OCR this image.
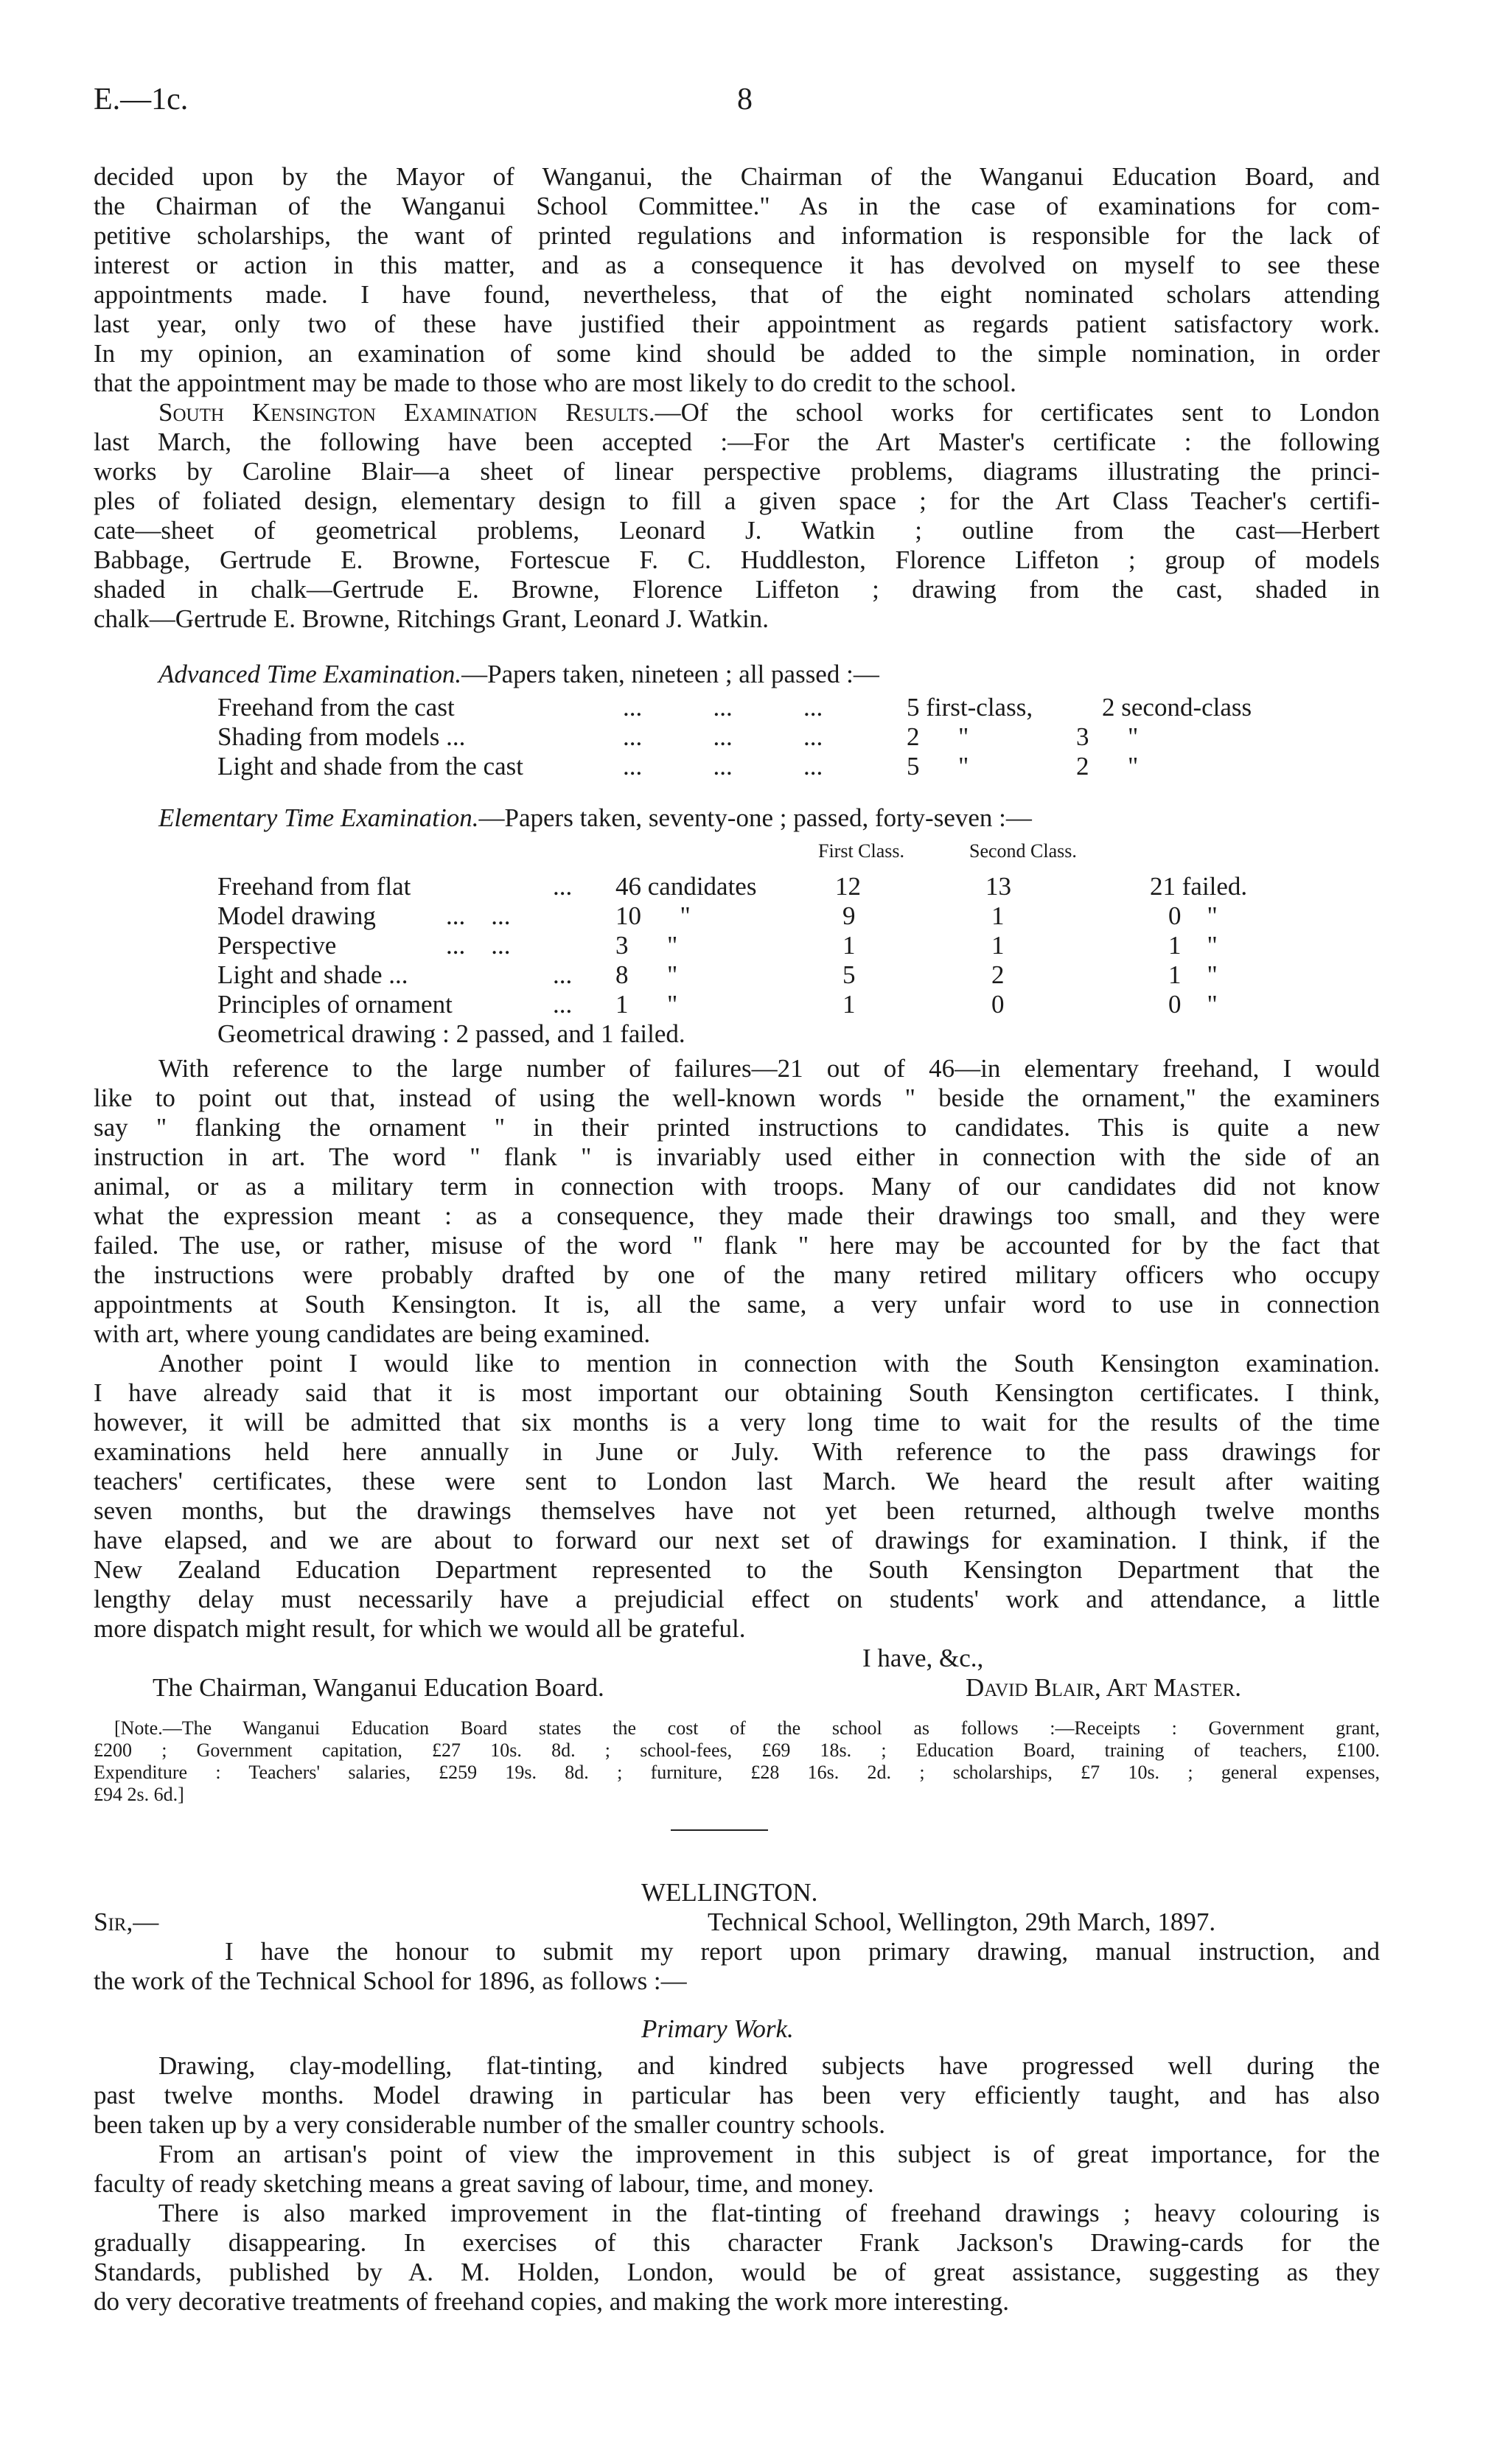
E.—1c.	8
decided upon by the Mayor of Wanganui, the Chairman of the Wanganui Education Board, and
the Chairman of the Wanganui School Committee." As in the case of examinations for com-
petitive scholarships, the want of printed regulations and information is responsible for the lack of
interest or action in this matter, and as a consequence it has devolved on myself to see these
appointments made. I have found, nevertheless, that of the eight nominated scholars attending
last year, only two of these have justified their appointment as regards patient satisfactory work.
In my opinion, an examination of some kind should be added to the simple nomination, in order
that the appointment may be made to those who are most likely to do credit to the school.
South Kensington Examination Results.—Of the school works for certificates sent to London
last March, the following have been accepted :—For the Art Master's certificate : the following
works by Caroline Blair—a sheet of linear perspective problems, diagrams illustrating the princi-
ples of foliated design, elementary design to fill a given space ; for the Art Class Teacher's certifi-
cate—sheet of geometrical problems, Leonard J. Watkin ; outline from the cast—Herbert
Babbage, Gertrude E. Browne, Fortescue F. C. Huddleston, Florence Liffeton ; group of models
shaded in chalk—Gertrude E. Browne, Florence Liffeton ; drawing from the cast, shaded in
chalk—Gertrude E. Browne, Ritchings Grant, Leonard J. Watkin.
Advanced Time Examination.—Papers taken, nineteen ; all passed :—
Freehand from the cast	...           ...           ...	5 first-class,	2 second-class
Shading from models ...	...           ...           ...	2      "	3      "
Light and shade from the cast	...           ...           ...	5      "	2      "
Elementary Time Examination.—Papers taken, seventy-one ; passed, forty-seven :—
First Class.	Second Class.
Freehand from flat	... 46 candidates	12	13	21 failed.
Model drawing	...    ...	10      "	9	1	0    "
Perspective	...    ...	3      "	1	1	1    "
Light and shade ...	... 8      "	5	2	1    "
Principles of ornament	... 1      "	1	0	0    "
Geometrical drawing : 2 passed, and 1 failed.
With reference to the large number of failures—21 out of 46—in elementary freehand, I would
like to point out that, instead of using the well-known words " beside the ornament," the examiners
say " flanking the ornament " in their printed instructions to candidates. This is quite a new
instruction in art. The word " flank " is invariably used either in connection with the side of an
animal, or as a military term in connection with troops. Many of our candidates did not know
what the expression meant : as a consequence, they made their drawings too small, and they were
failed. The use, or rather, misuse of the word " flank " here may be accounted for by the fact that
the instructions were probably drafted by one of the many retired military officers who occupy
appointments at South Kensington. It is, all the same, a very unfair word to use in connection
with art, where young candidates are being examined.
Another point I would like to mention in connection with the South Kensington examination.
I have already said that it is most important our obtaining South Kensington certificates. I think,
however, it will be admitted that six months is a very long time to wait for the results of the time
examinations held here annually in June or July. With reference to the pass drawings for
teachers' certificates, these were sent to London last March. We heard the result after waiting
seven months, but the drawings themselves have not yet been returned, although twelve months
have elapsed, and we are about to forward our next set of drawings for examination. I think, if the
New Zealand Education Department represented to the South Kensington Department that the
lengthy delay must necessarily have a prejudicial effect on students' work and attendance, a little
more dispatch might result, for which we would all be grateful.
I have, &c.,
The Chairman, Wanganui Education Board.	David Blair, Art Master.
[Note.—The Wanganui Education Board states the cost of the school as follows :—Receipts : Government grant,
£200 ; Government capitation, £27 10s. 8d. ; school-fees, £69 18s. ; Education Board, training of teachers, £100.
Expenditure : Teachers' salaries, £259 19s. 8d. ; furniture, £28 16s. 2d. ; scholarships, £7 10s. ; general expenses,
£94 2s. 6d.]
WELLINGTON.
Sir,—	Technical School, Wellington, 29th March, 1897.
I have the honour to submit my report upon primary drawing, manual instruction, and
the work of the Technical School for 1896, as follows :—
Primary Work.
Drawing, clay-modelling, flat-tinting, and kindred subjects have progressed well during the
past twelve months. Model drawing in particular has been very efficiently taught, and has also
been taken up by a very considerable number of the smaller country schools.
From an artisan's point of view the improvement in this subject is of great importance, for the
faculty of ready sketching means a great saving of labour, time, and money.
There is also marked improvement in the flat-tinting of freehand drawings ; heavy colouring is
gradually disappearing. In exercises of this character Frank Jackson's Drawing-cards for the
Standards, published by A. M. Holden, London, would be of great assistance, suggesting as they
do very decorative treatments of freehand copies, and making the work more interesting.
